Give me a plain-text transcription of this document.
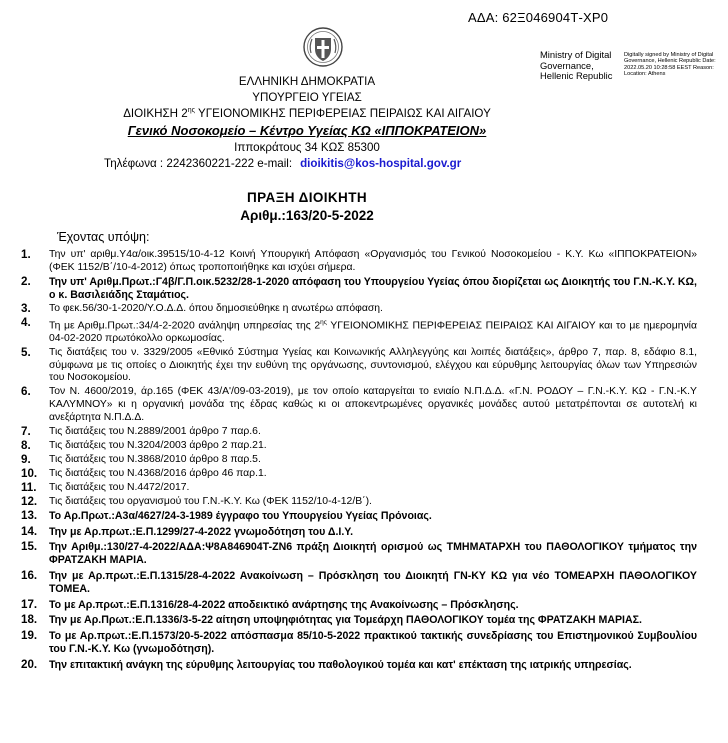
ΑΔΑ: 62Ξ046904Τ-ΧΡ0
Ministry of Digital Governance, Hellenic Republic
Digitally signed by Ministry of Digital Governance, Hellenic Republic Date: 2022.05.20 10:28:58 EEST Reason: Location: Athens
ΕΛΛΗΝΙΚΗ ΔΗΜΟΚΡΑΤΙΑ
ΥΠΟΥΡΓΕΙΟ ΥΓΕΙΑΣ
ΔΙΟΙΚΗΣΗ $2^{\eta\varsigma}$ ΥΓΕΙΟΝΟΜΙΚΗΣ ΠΕΡΙΦΕΡΕΙΑΣ ΠΕΙΡΑΙΩΣ ΚΑΙ ΑΙΓΑΙΟΥ
Γενικό Νοσοκομείο – Κέντρο Υγείας ΚΩ «ΙΠΠΟΚΡΑΤΕΙΟΝ»
Ιπποκράτους 34 ΚΩΣ 85300
Τηλέφωνα : 2242360221-222 e-mail: dioikitis@kos-hospital.gov.gr
ΠΡΑΞΗ ΔΙΟΙΚΗΤΗ
Αριθμ.:163/20-5-2022
Έχοντας υπόψη:
1.	Την υπ' αριθμ.Υ4α/οικ.39515/10-4-12 Κοινή Υπουργική Απόφαση «Οργανισμός του Γενικού Νοσοκομείου - Κ.Υ. Κω «ΙΠΠΟΚΡΑΤΕΙΟΝ» (ΦΕΚ 1152/Β΄/10-4-2012) όπως τροποποιήθηκε και ισχύει σήμερα.
2.	Την υπ' Αριθμ.Πρωτ.:Γ4β/Γ.Π.οικ.5232/28-1-2020 απόφαση του Υπουργείου Υγείας όπου διορίζεται ως Διοικητής του Γ.Ν.-Κ.Υ. ΚΩ, ο κ. Βασιλειάδης Σταμάτιος.
3.	Το φεκ.56/30-1-2020/Υ.Ο.Δ.Δ. όπου δημοσιεύθηκε η ανωτέρω απόφαση.
4.	Τη με Αριθμ.Πρωτ.:34/4-2-2020 ανάληψη υπηρεσίας της $2^{\eta\varsigma}$ ΥΓΕΙΟΝΟΜΙΚΗΣ ΠΕΡΙΦΕΡΕΙΑΣ ΠΕΙΡΑΙΩΣ ΚΑΙ ΑΙΓΑΙΟΥ και το με ημερομηνία 04-02-2020 πρωτόκολλο ορκωμοσίας.
5.	Τις διατάξεις του ν. 3329/2005 «Εθνικό Σύστημα Υγείας και Κοινωνικής Αλληλεγγύης και λοιπές διατάξεις», άρθρο 7, παρ. 8, εδάφιο 8.1, σύμφωνα με τις οποίες ο Διοικητής έχει την ευθύνη της οργάνωσης, συντονισμού, ελέγχου και εύρυθμης λειτουργίας όλων των Υπηρεσιών του Νοσοκομείου.
6.	Τον Ν. 4600/2019, άρ.165 (ΦΕΚ 43/Α'/09-03-2019), με τον οποίο καταργείται το ενιαίο Ν.Π.Δ.Δ. «Γ.Ν. ΡΟΔΟΥ – Γ.Ν.-Κ.Υ. ΚΩ - Γ.Ν.-Κ.Υ ΚΑΛΥΜΝΟΥ» κι η οργανική μονάδα της έδρας καθώς κι οι αποκεντρωμένες οργανικές μονάδες αυτού μετατρέπονται σε αυτοτελή κι ανεξάρτητα Ν.Π.Δ.Δ.
7.	Τις διατάξεις του Ν.2889/2001 άρθρο 7 παρ.6.
8.	Τις διατάξεις του Ν.3204/2003 άρθρο 2 παρ.21.
9.	Τις διατάξεις του Ν.3868/2010 άρθρο 8 παρ.5.
10.	Τις διατάξεις του Ν.4368/2016 άρθρο 46 παρ.1.
11.	Τις διατάξεις του Ν.4472/2017.
12.	Τις διατάξεις του οργανισμού του Γ.Ν.-Κ.Υ. Κω (ΦΕΚ 1152/10-4-12/Β΄).
13.	Το Αρ.Πρωτ.:Α3α/4627/24-3-1989 έγγραφο του Υπουργείου Υγείας Πρόνοιας.
14.	Την με Αρ.πρωτ.:Ε.Π.1299/27-4-2022 γνωμοδότηση του Δ.Ι.Υ.
15.	Την Αριθμ.:130/27-4-2022/ΑΔΑ:Ψ8Α846904Τ-ΖΝ6 πράξη Διοικητή ορισμού ως ΤΜΗΜΑΤΑΡΧΗ του ΠΑΘΟΛΟΓΙΚΟΥ τμήματος την ΦΡΑΤΖΑΚΗ ΜΑΡΙΑ.
16.	Την με Αρ.πρωτ.:Ε.Π.1315/28-4-2022 Ανακοίνωση – Πρόσκληση του Διοικητή ΓΝ-ΚΥ ΚΩ για νέο ΤΟΜΕΑΡΧΗ ΠΑΘΟΛΟΓΙΚΟΥ ΤΟΜΕΑ.
17.	Το με Αρ.πρωτ.:Ε.Π.1316/28-4-2022 αποδεικτικό ανάρτησης της Ανακοίνωσης – Πρόσκλησης.
18.	Την με Αρ.Πρωτ.:Ε.Π.1336/3-5-22 αίτηση υποψηφιότητας για Τομεάρχη ΠΑΘΟΛΟΓΙΚΟΥ τομέα της ΦΡΑΤΖΑΚΗ ΜΑΡΙΑΣ.
19.	Το με Αρ.πρωτ.:Ε.Π.1573/20-5-2022 απόσπασμα 85/10-5-2022 πρακτικού τακτικής συνεδρίασης του Επιστημονικού Συμβουλίου του Γ.Ν.-Κ.Υ. Κω (γνωμοδότηση).
20.	Την επιτακτική ανάγκη της εύρυθμης λειτουργίας του παθολογικού τομέα και κατ' επέκταση της ιατρικής υπηρεσίας.
